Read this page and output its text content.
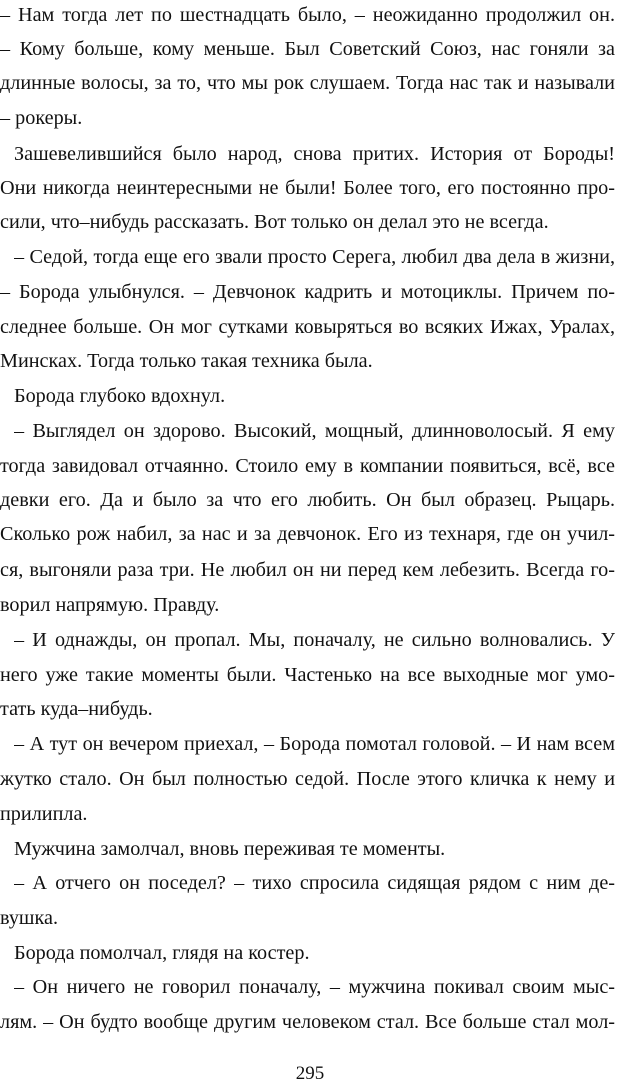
– Нам тогда лет по шестнадцать было, – неожиданно продолжил он.
– Кому больше, кому меньше. Был Советский Союз, нас гоняли за
длинные волосы, за то, что мы рок слушаем. Тогда нас так и называли
– рокеры.
Зашевелившийся было народ, снова притих. История от Бороды!
Они никогда неинтересными не были! Более того, его постоянно про-
сили, что–нибудь рассказать. Вот только он делал это не всегда.
– Седой, тогда еще его звали просто Серега, любил два дела в жизни,
– Борода улыбнулся. – Девчонок кадрить и мотоциклы. Причем по-
следнее больше. Он мог сутками ковыряться во всяких Ижах, Уралах,
Минсках. Тогда только такая техника была.
Борода глубоко вдохнул.
– Выглядел он здорово. Высокий, мощный, длинноволосый. Я ему
тогда завидовал отчаянно. Стоило ему в компании появиться, всё, все
девки его. Да и было за что его любить. Он был образец. Рыцарь.
Сколько рож набил, за нас и за девчонок. Его из технаря, где он учил-
ся, выгоняли раза три. Не любил он ни перед кем лебезить. Всегда го-
ворил напрямую. Правду.
– И однажды, он пропал. Мы, поначалу, не сильно волновались. У
него уже такие моменты были. Частенько на все выходные мог умо-
тать куда–нибудь.
– А тут он вечером приехал, – Борода помотал головой. – И нам всем
жутко стало. Он был полностью седой. После этого кличка к нему и
прилипла.
Мужчина замолчал, вновь переживая те моменты.
– А отчего он поседел? – тихо спросила сидящая рядом с ним де-
вушка.
Борода помолчал, глядя на костер.
– Он ничего не говорил поначалу, – мужчина покивал своим мыс-
лям. – Он будто вообще другим человеком стал. Все больше стал мол-
295
